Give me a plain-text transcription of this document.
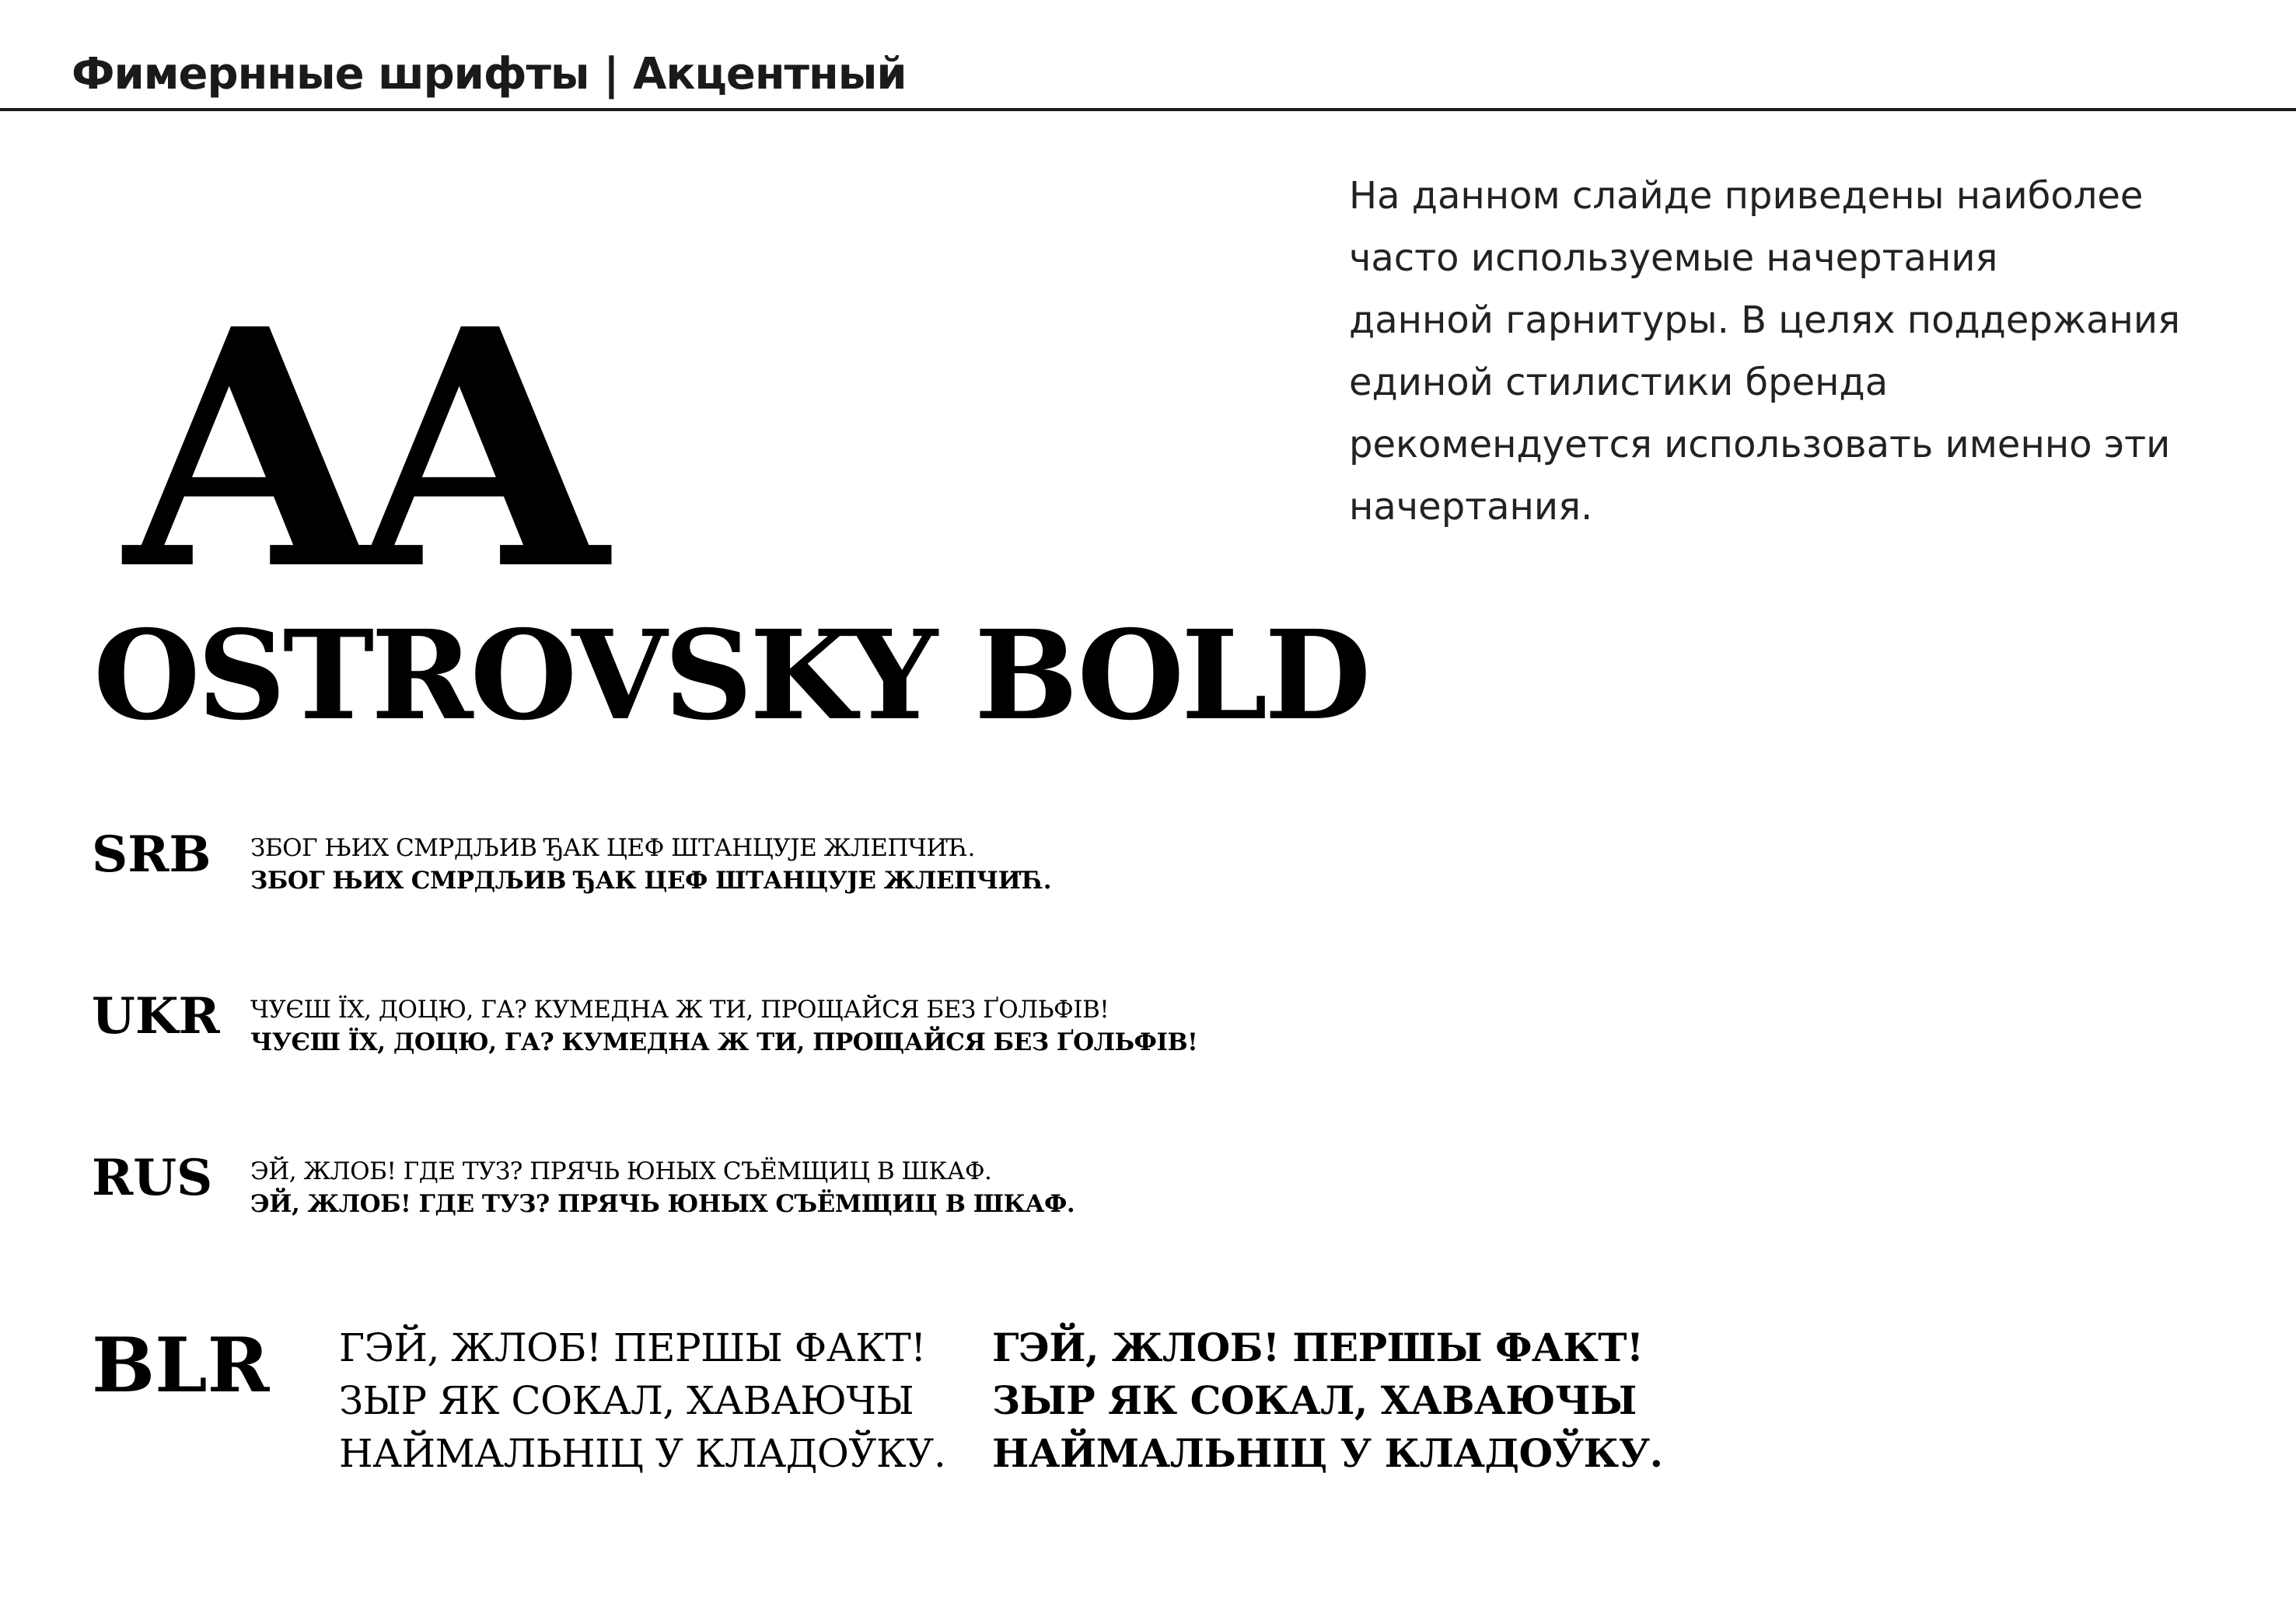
Фимернные шрифты | Акцентный
На данном слайде приведены наиболее
часто используемые начертания
данной гарнитуры. В целях поддержания
единой стилистики бренда
рекомендуется использовать именно эти
начертания.
AA
OSTROVSKY BOLD
SRB ЗБОГ ЊИХ СМРДЉИВ ЂАК ЦЕФ ШТАНЦУЈЕ ЖЛЕПЧИЋ.
ЗБОГ ЊИХ СМРДЉИВ ЂАК ЦЕФ ШТАНЦУЈЕ ЖЛЕПЧИЋ.
UKR ЧУЄШ ЇХ, ДОЦЮ, ГА? КУМЕДНА Ж ТИ, ПРОЩАЙСЯ БЕЗ ҐОЛЬФІВ!
ЧУЄШ ЇХ, ДОЦЮ, ГА? КУМЕДНА Ж ТИ, ПРОЩАЙСЯ БЕЗ ҐОЛЬФІВ!
RUS ЭЙ, ЖЛОБ! ГДЕ ТУЗ? ПРЯЧЬ ЮНЫХ СЪЁМЩИЦ В ШКАФ.
ЭЙ, ЖЛОБ! ГДЕ ТУЗ? ПРЯЧЬ ЮНЫХ СЪЁМЩИЦ В ШКАФ.
BLR ГЭЙ, ЖЛОБ! ПЕРШЫ ФАКТ!
ЗЫР ЯК СОКАЛ, ХАВАЮЧЫ
НАЙМАЛЬНІЦ У КЛАДОЎКУ.
ГЭЙ, ЖЛОБ! ПЕРШЫ ФАКТ!
ЗЫР ЯК СОКАЛ, ХАВАЮЧЫ
НАЙМАЛЬНІЦ У КЛАДОЎКУ.
